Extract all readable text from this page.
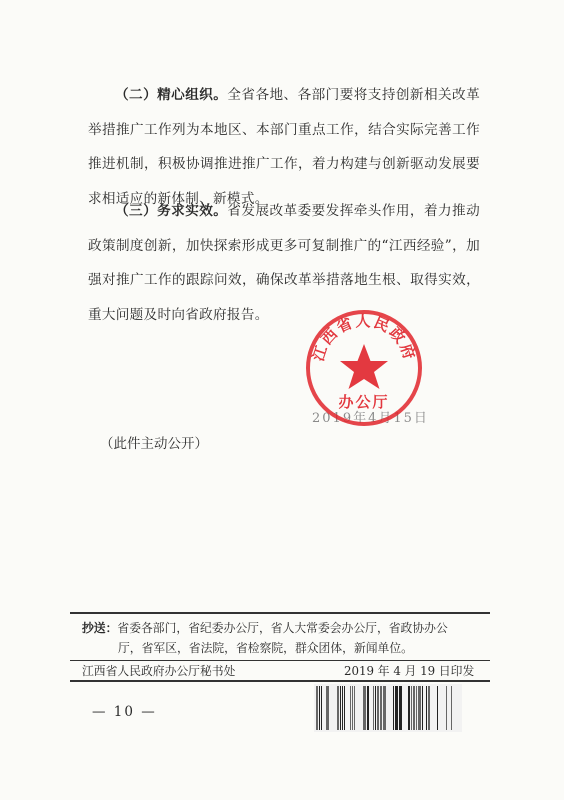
（二）精心组织。全省各地、各部门要将支持创新相关改革举措推广工作列为本地区、本部门重点工作，结合实际完善工作推进机制，积极协调推进推广工作，着力构建与创新驱动发展要求相适应的新体制、新模式。

（三）务求实效。省发展改革委要发挥牵头作用，着力推动政策制度创新，加快探索形成更多可复制推广的“江西经验”，加强对推广工作的跟踪问效，确保改革举措落地生根、取得实效，重大问题及时向省政府报告。

2019年4月15日
江西省人民政府
办公厅
（此件主动公开）
抄送：省委各部门，省纪委办公厅，省人大常委会办公厅，省政协办公
厅，省军区，省法院，省检察院，群众团体，新闻单位。
江西省人民政府办公厅秘书处	2019 年 4 月 19 日印发
— 10 —
